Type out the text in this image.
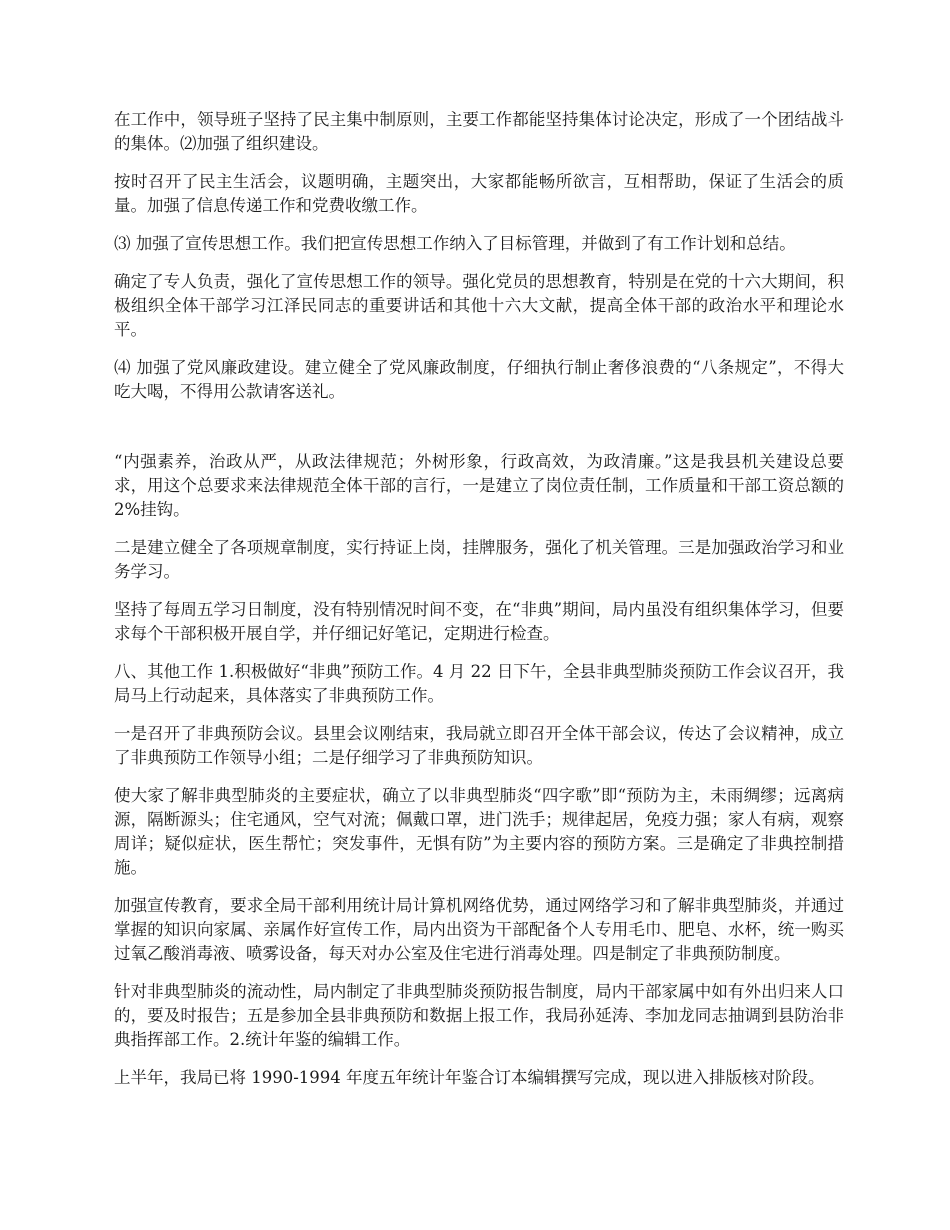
在工作中，领导班子坚持了民主集中制原则，主要工作都能坚持集体讨论决定，形成了一个团结战斗的集体。⑵加强了组织建设。

按时召开了民主生活会，议题明确，主题突出，大家都能畅所欲言，互相帮助，保证了生活会的质量。加强了信息传递工作和党费收缴工作。

⑶ 加强了宣传思想工作。我们把宣传思想工作纳入了目标管理，并做到了有工作计划和总结。

确定了专人负责，强化了宣传思想工作的领导。强化党员的思想教育，特别是在党的十六大期间，积极组织全体干部学习江泽民同志的重要讲话和其他十六大文献，提高全体干部的政治水平和理论水平。

⑷ 加强了党风廉政建设。建立健全了党风廉政制度，仔细执行制止奢侈浪费的“八条规定”，不得大吃大喝，不得用公款请客送礼。

“内强素养，治政从严，从政法律规范；外树形象，行政高效，为政清廉。”这是我县机关建设总要求，用这个总要求来法律规范全体干部的言行，一是建立了岗位责任制，工作质量和干部工资总额的 2%挂钩。

二是建立健全了各项规章制度，实行持证上岗，挂牌服务，强化了机关管理。三是加强政治学习和业务学习。

坚持了每周五学习日制度，没有特别情况时间不变，在“非典”期间，局内虽没有组织集体学习，但要求每个干部积极开展自学，并仔细记好笔记，定期进行检查。

八、其他工作 1.积极做好“非典”预防工作。4 月 22 日下午，全县非典型肺炎预防工作会议召开，我局马上行动起来，具体落实了非典预防工作。

一是召开了非典预防会议。县里会议刚结束，我局就立即召开全体干部会议，传达了会议精神，成立了非典预防工作领导小组；二是仔细学习了非典预防知识。

使大家了解非典型肺炎的主要症状，确立了以非典型肺炎“四字歌”即“预防为主，未雨绸缪；远离病源，隔断源头；住宅通风，空气对流；佩戴口罩，进门洗手；规律起居，免疫力强；家人有病，观察周详；疑似症状，医生帮忙；突发事件，无惧有防”为主要内容的预防方案。三是确定了非典控制措施。

加强宣传教育，要求全局干部利用统计局计算机网络优势，通过网络学习和了解非典型肺炎，并通过掌握的知识向家属、亲属作好宣传工作，局内出资为干部配备个人专用毛巾、肥皂、水杯，统一购买过氧乙酸消毒液、喷雾设备，每天对办公室及住宅进行消毒处理。四是制定了非典预防制度。

针对非典型肺炎的流动性，局内制定了非典型肺炎预防报告制度，局内干部家属中如有外出归来人口的，要及时报告；五是参加全县非典预防和数据上报工作，我局孙延涛、李加龙同志抽调到县防治非典指挥部工作。2.统计年鉴的编辑工作。

上半年，我局已将 1990-1994 年度五年统计年鉴合订本编辑撰写完成，现以进入排版核对阶段。
